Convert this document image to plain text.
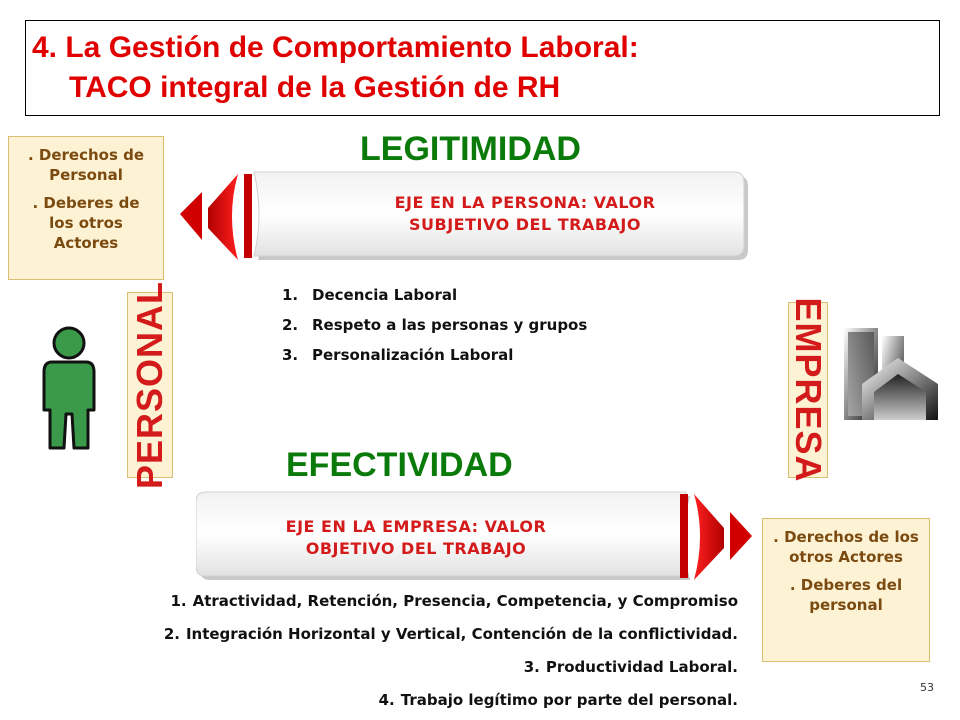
4. La Gestión de Comportamiento Laboral:
TACO integral de la Gestión de RH
LEGITIMIDAD

. Derechos de Personal

. Deberes de los otros Actores

EJE EN LA PERSONA: VALOR
SUBJETIVO DEL TRABAJO
1. Decencia Laboral
2. Respeto a las personas y grupos
3. Personalización Laboral
PERSONAL	EMPRESA
EFECTIVIDAD
EJE EN LA EMPRESA: VALOR
OBJETIVO DEL TRABAJO

. Derechos de los otros Actores

. Deberes del personal

1. Atractividad, Retención, Presencia, Competencia, y Compromiso
2. Integración Horizontal y Vertical, Contención de la conflictividad.
3. Productividad Laboral.
4. Trabajo legítimo por parte del personal.
53
